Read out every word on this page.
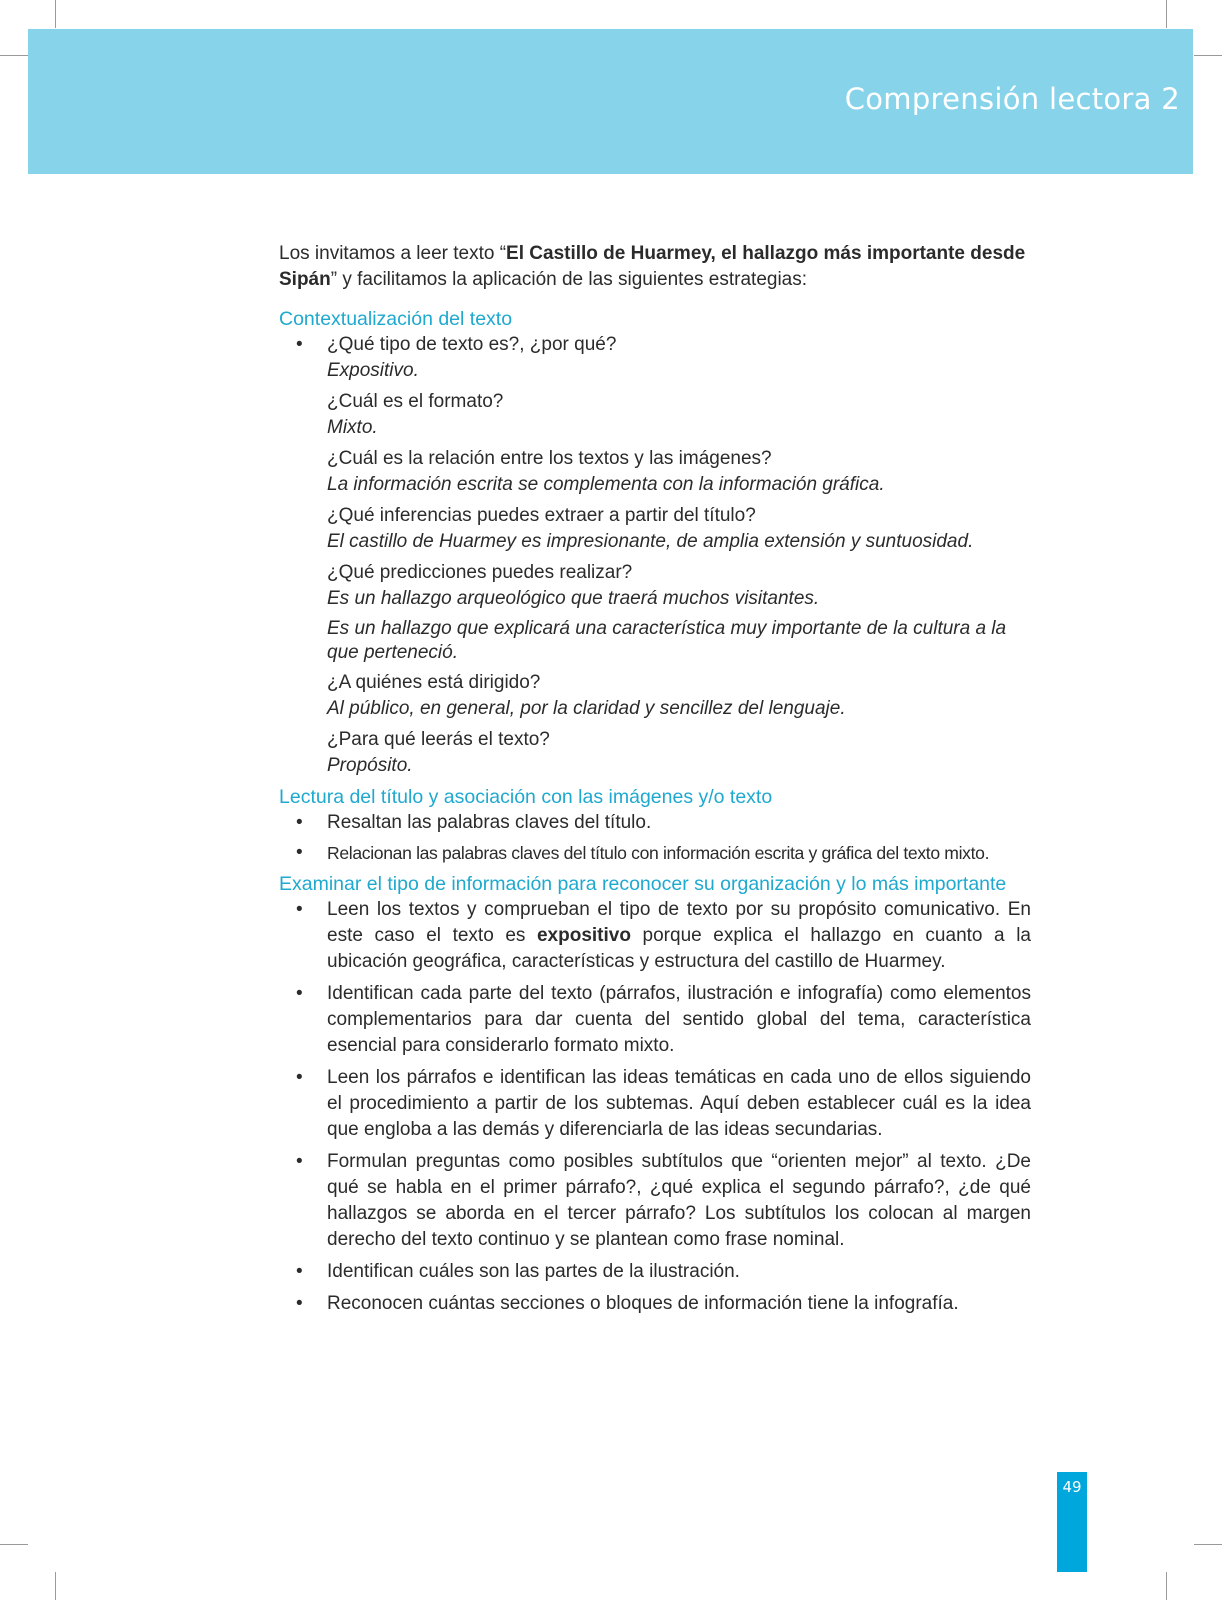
Comprensión lectora 2

Los invitamos a leer texto “El Castillo de Huarmey, el hallazgo más importante desde
Sipán” y facilitamos la aplicación de las siguientes estrategias:

Contextualización del texto
• ¿Qué tipo de texto es?, ¿por qué?
Expositivo.
¿Cuál es el formato?
Mixto.
¿Cuál es la relación entre los textos y las imágenes?
La información escrita se complementa con la información gráfica.
¿Qué inferencias puedes extraer a partir del título?
El castillo de Huarmey es impresionante, de amplia extensión y suntuosidad.
¿Qué predicciones puedes realizar?
Es un hallazgo arqueológico que traerá muchos visitantes.
Es un hallazgo que explicará una característica muy importante de la cultura a la que perteneció.
¿A quiénes está dirigido?
Al público, en general, por la claridad y sencillez del lenguaje.
¿Para qué leerás el texto?
Propósito.
Lectura del título y asociación con las imágenes y/o texto
• Resaltan las palabras claves del título.
• Relacionan las palabras claves del título con información escrita y gráfica del texto mixto.
Examinar el tipo de información para reconocer su organización y lo más importante
• Leen los textos y comprueban el tipo de texto por su propósito comunicativo. En este caso el texto es expositivo porque explica el hallazgo en cuanto a la ubicación geográfica, características y estructura del castillo de Huarmey.
• Identifican cada parte del texto (párrafos, ilustración e infografía) como elementos complementarios para dar cuenta del sentido global del tema, característica esencial para considerarlo formato mixto.
• Leen los párrafos e identifican las ideas temáticas en cada uno de ellos siguiendo el procedimiento a partir de los subtemas. Aquí deben establecer cuál es la idea que engloba a las demás y diferenciarla de las ideas secundarias.
• Formulan preguntas como posibles subtítulos que “orienten mejor” al texto. ¿De qué se habla en el primer párrafo?, ¿qué explica el segundo párrafo?, ¿de qué hallazgos se aborda en el tercer párrafo? Los subtítulos los colocan al margen derecho del texto continuo y se plantean como frase nominal.
• Identifican cuáles son las partes de la ilustración.
• Reconocen cuántas secciones o bloques de información tiene la infografía.
49
